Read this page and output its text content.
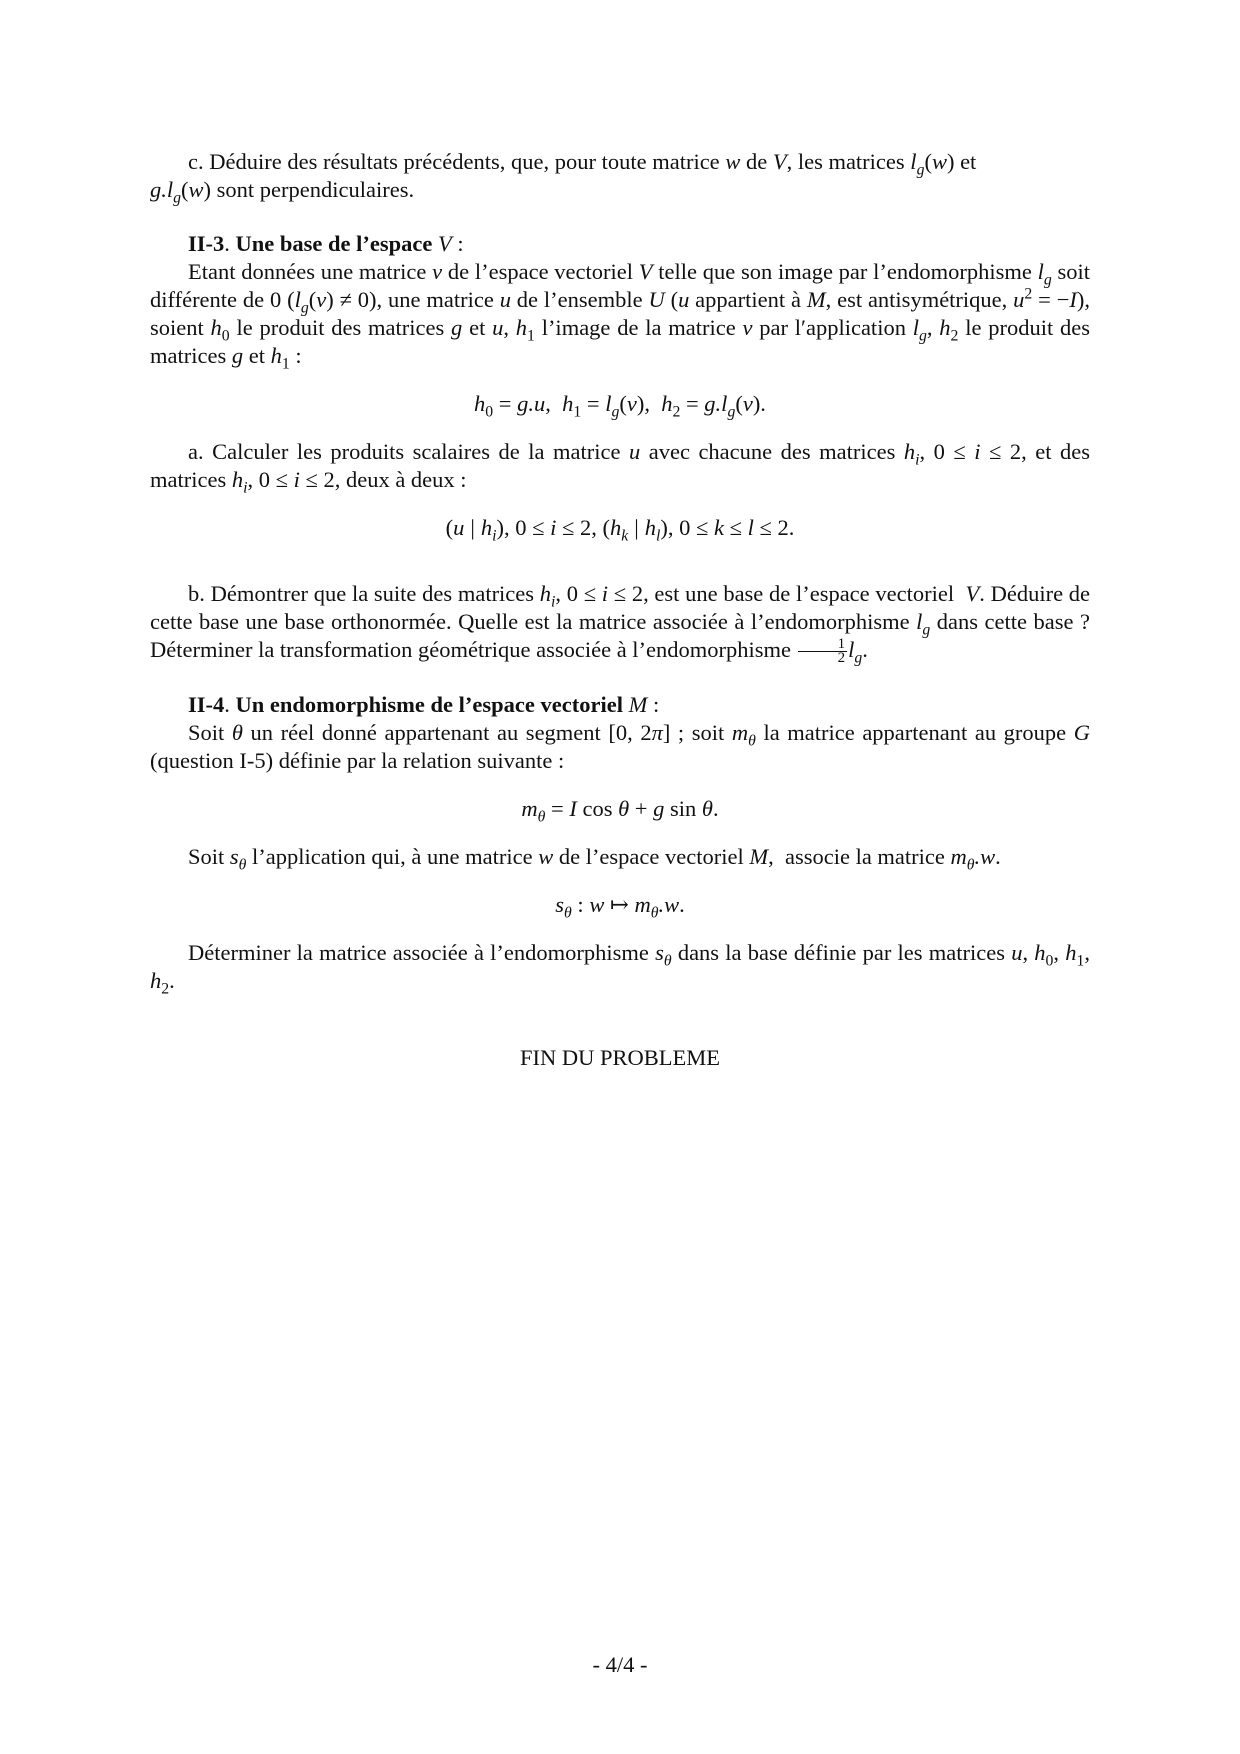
c. Déduire des résultats précédents, que, pour toute matrice w de V, les matrices $l_g(w)$ et
$g.l_g(w)$ sont perpendiculaires.

II-3. Une base de l’espace V :

Etant données une matrice v de l’espace vectoriel V telle que son image par l’endomorphisme $l_g$ soit différente de 0 $(l_g(v) \ne 0)$, une matrice u de l’ensemble U (u appartient à M, est antisymétrique, $u^2 = -I$), soient $h_0$ le produit des matrices g et u, $h_1$ l’image de la matrice v par l′application $l_g$, $h_2$ le produit des matrices g et $h_1$ :

$h_0 = g.u$,  $h_1 = l_g(v)$,  $h_2 = g.l_g(v)$.

a. Calculer les produits scalaires de la matrice u avec chacune des matrices $h_i$, 0 ≤ i ≤ 2, et des matrices $h_i$, 0 ≤ i ≤ 2, deux à deux :

(u | $h_i$), 0 ≤ i ≤ 2, ($h_k$ | $h_l$), 0 ≤ k ≤ l ≤ 2.

b. Démontrer que la suite des matrices $h_i$, 0 ≤ i ≤ 2, est une base de l’espace vectoriel  V. Déduire de cette base une base orthonormée. Quelle est la matrice associée à l’endomorphisme $l_g$ dans cette base ? Déterminer la transformation géométrique associée à l’endomorphisme $\frac{1}{2} l_g$.

II-4. Un endomorphisme de l’espace vectoriel M :

Soit θ un réel donné appartenant au segment [0, 2π] ; soit $m_\theta$ la matrice appartenant au groupe G (question I-5) définie par la relation suivante :

$m_\theta = I$ cos θ + g sin θ.

Soit $s_\theta$ l’application qui, à une matrice w de l’espace vectoriel M,  associe la matrice $m_\theta.w$.

$s_\theta$ : w ↦ $m_\theta.w$.

Déterminer la matrice associée à l’endomorphisme $s_\theta$ dans la base définie par les matrices u, $h_0$, $h_1$, $h_2$.

FIN DU PROBLEME

- 4/4 -
